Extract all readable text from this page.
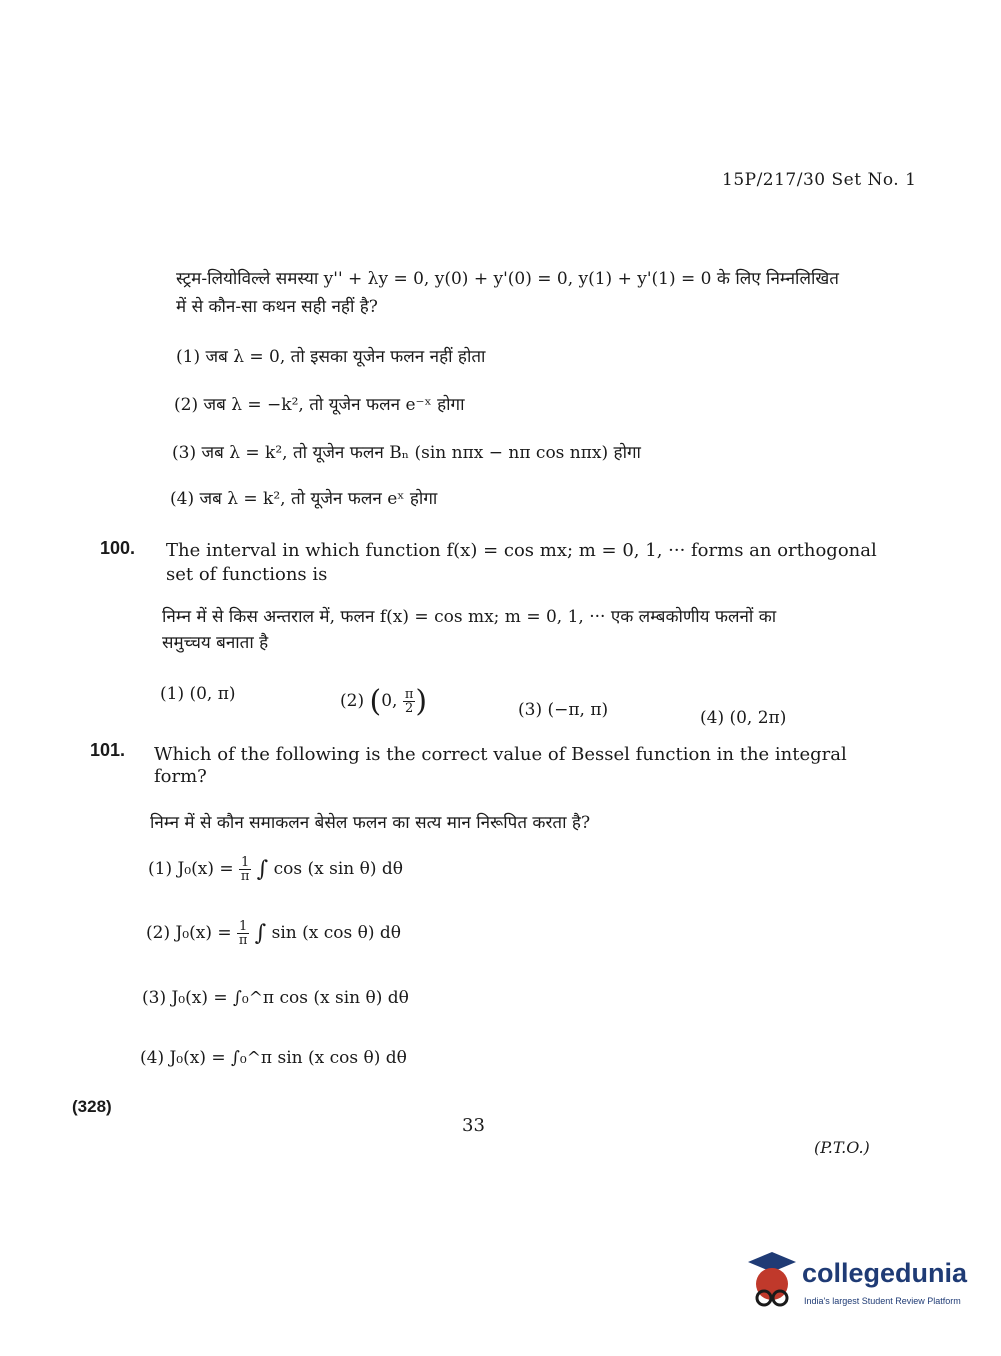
15P/217/30 Set No. 1
स्ट्रम-लियोविल्ले समस्या y'' + λy = 0, y(0) + y'(0) = 0, y(1) + y'(1) = 0 के लिए निम्नलिखित
में से कौन-सा कथन सही नहीं है?
(1) जब λ = 0, तो इसका यूजेन फलन नहीं होता
(2) जब λ = −k², तो यूजेन फलन e⁻ˣ होगा
(3) जब λ = k², तो यूजेन फलन Bₙ (sin nπx − nπ cos nπx) होगा
(4) जब λ = k², तो यूजेन फलन eˣ होगा
100. The interval in which function f(x) = cos mx; m = 0, 1, ··· forms an orthogonal
set of functions is
निम्न में से किस अन्तराल में, फलन f(x) = cos mx; m = 0, 1, ··· एक लम्बकोणीय फलनों का
समुच्चय बनाता है
(1) (0, π)	(2) (0, $\frac{\pi}{2}$ )	(3) (−π, π)	(4) (0, 2π)
101. Which of the following is the correct value of Bessel function in the integral
form?
निम्न में से कौन समाकलन बेसेल फलन का सत्य मान निरूपित करता है?
(1) $J_0(x) = \frac{1}{\pi}$ ∫ cos (x sin θ) dθ
(2) $J_0(x) = \frac{1}{\pi}$ ∫ sin (x cos θ) dθ
(3) J₀(x) = ∫₀^π cos (x sin θ) dθ
(4) J₀(x) = ∫₀^π sin (x cos θ) dθ
(328)
33
(P.T.O.)
collegedunia
India's largest Student Review Platform
